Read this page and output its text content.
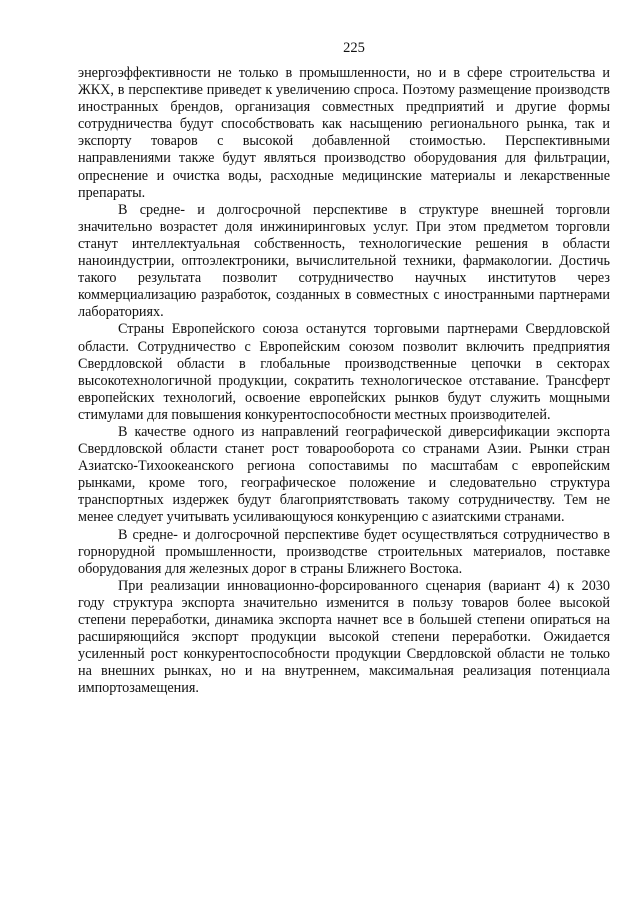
225

энергоэффективности не только в промышленности, но и в сфере строительства и ЖКХ, в перспективе приведет к увеличению спроса. Поэтому размещение производств иностранных брендов, организация совместных предприятий и другие формы сотрудничества будут способствовать как насыщению регионального рынка, так и экспорту товаров с высокой добавленной стоимостью. Перспективными направлениями также будут являться производство оборудования для фильтрации, опреснение и очистка воды, расходные медицинские материалы и лекарственные препараты.

В средне- и долгосрочной перспективе в структуре внешней торговли значительно возрастет доля инжиниринговых услуг. При этом предметом торговли станут интеллектуальная собственность, технологические решения в области наноиндустрии, оптоэлектроники, вычислительной техники, фармакологии. Достичь такого результата позволит сотрудничество научных институтов через коммерциализацию разработок, созданных в совместных с иностранными партнерами лабораториях.

Страны Европейского союза останутся торговыми партнерами Свердловской области. Сотрудничество с Европейским союзом позволит включить предприятия Свердловской области в глобальные производственные цепочки в секторах высокотехнологичной продукции, сократить технологическое отставание. Трансферт европейских технологий, освоение европейских рынков будут служить мощными стимулами для повышения конкурентоспособности местных производителей.

В качестве одного из направлений географической диверсификации экспорта Свердловской области станет рост товарооборота со странами Азии. Рынки стран Азиатско-Тихоокеанского региона сопоставимы по масштабам с европейским рынками, кроме того, географическое положение и следовательно структура транспортных издержек будут благоприятствовать такому сотрудничеству. Тем не менее следует учитывать усиливающуюся конкуренцию с азиатскими странами.

В средне- и долгосрочной перспективе будет осуществляться сотрудничество в горнорудной промышленности, производстве строительных материалов, поставке оборудования для железных дорог в страны Ближнего Востока.

При реализации инновационно-форсированного сценария (вариант 4) к 2030 году структура экспорта значительно изменится в пользу товаров более высокой степени переработки, динамика экспорта начнет все в большей степени опираться на расширяющийся экспорт продукции высокой степени переработки. Ожидается усиленный рост конкурентоспособности продукции Свердловской области не только на внешних рынках, но и на внутреннем, максимальная реализация потенциала импортозамещения.
